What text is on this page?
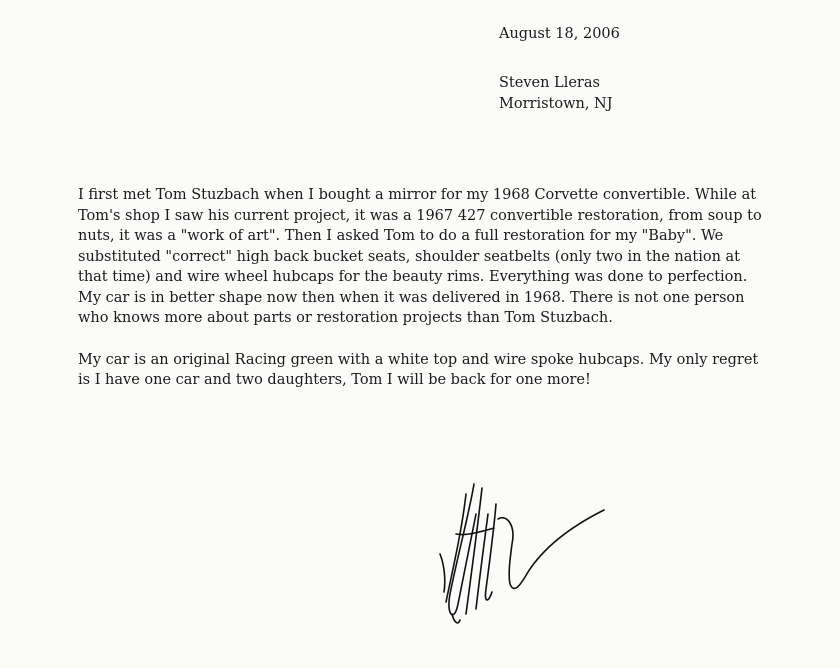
August 18, 2006

Steven Lleras

Morristown, NJ

I first met Tom Stuzbach when I bought a mirror for my 1968 Corvette convertible. While at Tom's shop I saw his current project, it was a 1967 427 convertible restoration, from soup to nuts, it was a "work of art". Then I asked Tom to do a full restoration for my "Baby". We substituted "correct" high back bucket seats, shoulder seatbelts (only two in the nation at that time) and wire wheel hubcaps for the beauty rims. Everything was done to perfection. My car is in better shape now then when it was delivered in 1968. There is not one person who knows more about parts or restoration projects than Tom Stuzbach.

My car is an original Racing green with a white top and wire spoke hubcaps. My only regret is I have one car and two daughters, Tom I will be back for one more!
